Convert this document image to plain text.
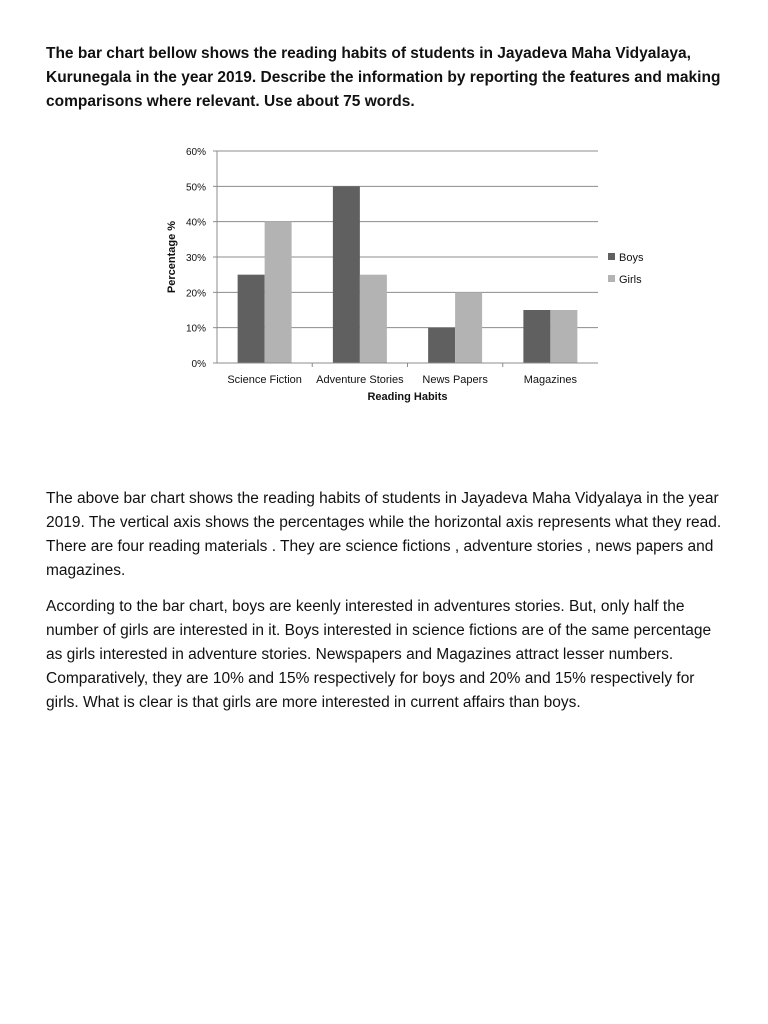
The bar chart bellow shows the reading habits of students in Jayadeva Maha Vidyalaya, Kurunegala in the year 2019. Describe the information by reporting the features and making comparisons where relevant. Use about 75 words.

0%
10%
20%
30%
40%
50%
60%
Science Fiction Adventure Stories News Papers	Magazines
Percentage %
Reading Habits
Boys
Girls

The above bar chart shows the reading habits of students in Jayadeva Maha Vidyalaya in the year 2019. The vertical axis shows the percentages while the horizontal axis represents what they read. There are four reading materials . They are science fictions , adventure stories , news papers and magazines.

According to the bar chart, boys are keenly interested in adventures stories. But, only half the number of girls are interested in it. Boys interested in science fictions are of the same percentage as girls interested in adventure stories. Newspapers and Magazines attract lesser numbers. Comparatively, they are 10% and 15% respectively for boys and 20% and 15% respectively for girls. What is clear is that girls are more interested in current affairs than boys.
